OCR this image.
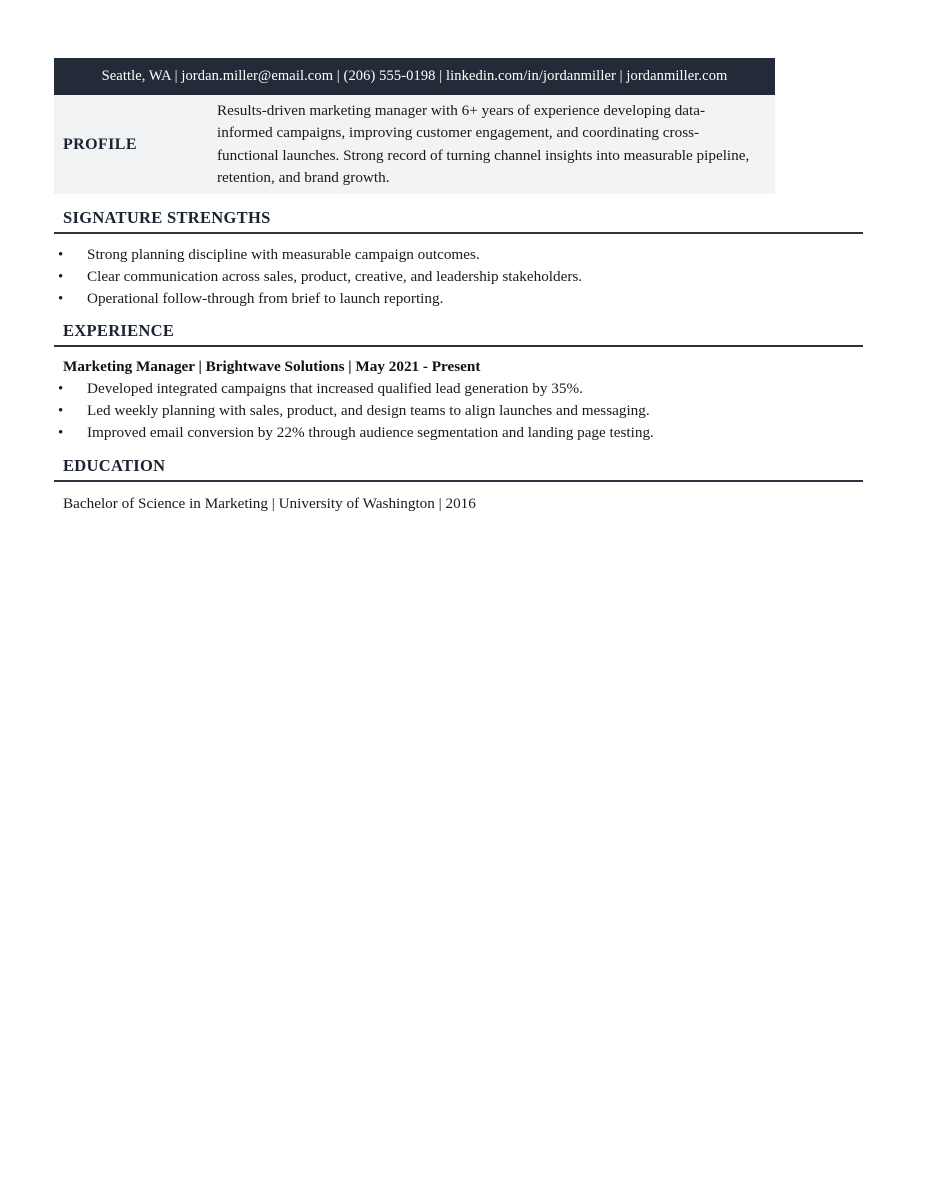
Seattle, WA | jordan.miller@email.com | (206) 555-0198 | linkedin.com/in/jordanmiller | jordanmiller.com
PROFILE
Results-driven marketing manager with 6+ years of experience developing data-informed campaigns, improving customer engagement, and coordinating cross-functional launches. Strong record of turning channel insights into measurable pipeline, retention, and brand growth.
SIGNATURE STRENGTHS
• Strong planning discipline with measurable campaign outcomes.
• Clear communication across sales, product, creative, and leadership stakeholders.
• Operational follow-through from brief to launch reporting.
EXPERIENCE
Marketing Manager | Brightwave Solutions | May 2021 - Present
• Developed integrated campaigns that increased qualified lead generation by 35%.
• Led weekly planning with sales, product, and design teams to align launches and messaging.
• Improved email conversion by 22% through audience segmentation and landing page testing.
EDUCATION
Bachelor of Science in Marketing | University of Washington | 2016
